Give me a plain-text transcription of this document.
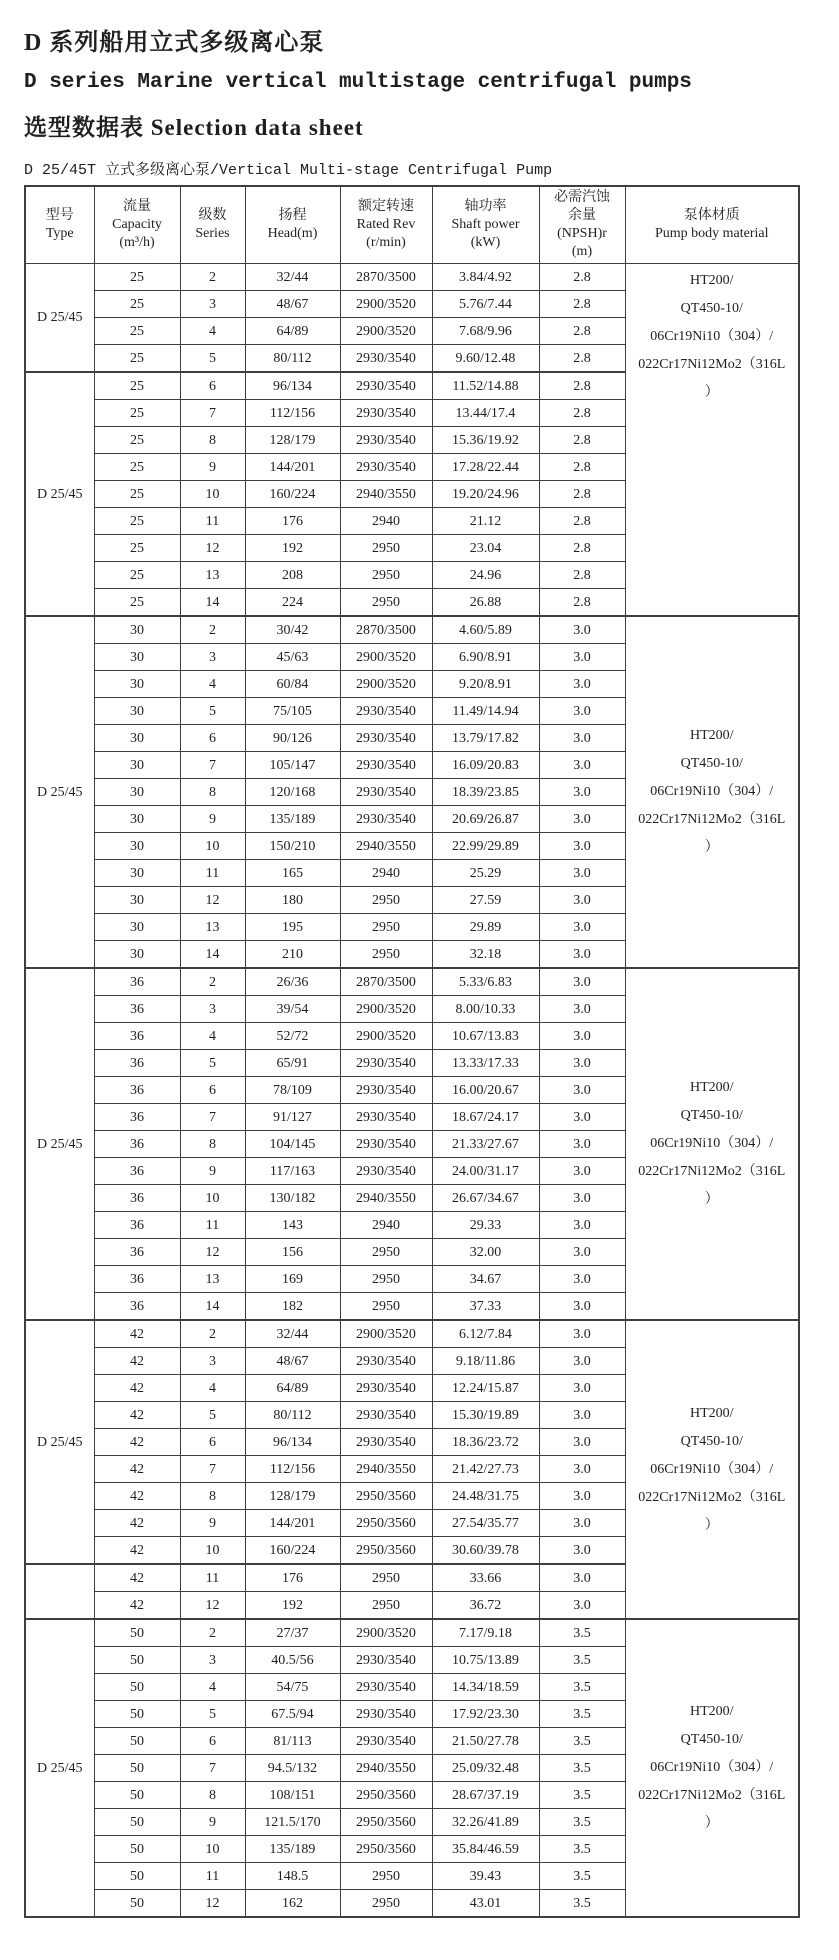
D 系列船用立式多级离心泵
D series Marine vertical multistage centrifugal pumps
选型数据表 Selection data sheet
D 25/45T 立式多级离心泵/Vertical Multi-stage Centrifugal Pump
型号
Type

流量
Capacity
(m³/h)

级数
Series

扬程
Head(m)

额定转速
Rated Rev
(r/min)

轴功率
Shaft power
(kW)

必需汽蚀
余量
(NPSH)r
(m)

泵体材质
Pump body material

D 25/45	25	2	32/44	2870/3500	3.84/4.92	2.8	HT200/
QT450-10/
06Cr19Ni10（304）/
022Cr17Ni12Mo2（316L
）

	25	3	48/67	2900/3520	5.76/7.44	2.8	
	25	4	64/89	2900/3520	7.68/9.96	2.8	
	25	5	80/112	2930/3540	9.60/12.48	2.8	
D 25/45	25	6	96/134	2930/3540	11.52/14.88	2.8	
	25	7	112/156	2930/3540	13.44/17.4	2.8	
	25	8	128/179	2930/3540	15.36/19.92	2.8	
	25	9	144/201	2930/3540	17.28/22.44	2.8	
	25	10	160/224	2940/3550	19.20/24.96	2.8	
	25	11	176	2940	21.12	2.8	
	25	12	192	2950	23.04	2.8	
	25	13	208	2950	24.96	2.8	
	25	14	224	2950	26.88	2.8	
D 25/45	30	2	30/42	2870/3500	4.60/5.89	3.0	HT200/
QT450-10/
06Cr19Ni10（304）/
022Cr17Ni12Mo2（316L
）

	30	3	45/63	2900/3520	6.90/8.91	3.0	
	30	4	60/84	2900/3520	9.20/8.91	3.0	
	30	5	75/105	2930/3540	11.49/14.94	3.0	
	30	6	90/126	2930/3540	13.79/17.82	3.0	
	30	7	105/147	2930/3540	16.09/20.83	3.0	
	30	8	120/168	2930/3540	18.39/23.85	3.0	
	30	9	135/189	2930/3540	20.69/26.87	3.0	
	30	10	150/210	2940/3550	22.99/29.89	3.0	
	30	11	165	2940	25.29	3.0	
	30	12	180	2950	27.59	3.0	
	30	13	195	2950	29.89	3.0	
	30	14	210	2950	32.18	3.0	
D 25/45	36	2	26/36	2870/3500	5.33/6.83	3.0	HT200/
QT450-10/
06Cr19Ni10（304）/
022Cr17Ni12Mo2（316L
）

	36	3	39/54	2900/3520	8.00/10.33	3.0	
	36	4	52/72	2900/3520	10.67/13.83	3.0	
	36	5	65/91	2930/3540	13.33/17.33	3.0	
	36	6	78/109	2930/3540	16.00/20.67	3.0	
	36	7	91/127	2930/3540	18.67/24.17	3.0	
	36	8	104/145	2930/3540	21.33/27.67	3.0	
	36	9	117/163	2930/3540	24.00/31.17	3.0	
	36	10	130/182	2940/3550	26.67/34.67	3.0	
	36	11	143	2940	29.33	3.0	
	36	12	156	2950	32.00	3.0	
	36	13	169	2950	34.67	3.0	
	36	14	182	2950	37.33	3.0	
D 25/45	42	2	32/44	2900/3520	6.12/7.84	3.0	HT200/
QT450-10/
06Cr19Ni10（304）/
022Cr17Ni12Mo2（316L
）

	42	3	48/67	2930/3540	9.18/11.86	3.0	
	42	4	64/89	2930/3540	12.24/15.87	3.0	
	42	5	80/112	2930/3540	15.30/19.89	3.0	
	42	6	96/134	2930/3540	18.36/23.72	3.0	
	42	7	112/156	2940/3550	21.42/27.73	3.0	
	42	8	128/179	2950/3560	24.48/31.75	3.0	
	42	9	144/201	2950/3560	27.54/35.77	3.0	
	42	10	160/224	2950/3560	30.60/39.78	3.0	
	42	11	176	2950	33.66	3.0	
	42	12	192	2950	36.72	3.0	
D 25/45	50	2	27/37	2900/3520	7.17/9.18	3.5	HT200/
QT450-10/
06Cr19Ni10（304）/
022Cr17Ni12Mo2（316L
）

	50	3	40.5/56	2930/3540	10.75/13.89	3.5	
	50	4	54/75	2930/3540	14.34/18.59	3.5	
	50	5	67.5/94	2930/3540	17.92/23.30	3.5	
	50	6	81/113	2930/3540	21.50/27.78	3.5	
	50	7	94.5/132	2940/3550	25.09/32.48	3.5	
	50	8	108/151	2950/3560	28.67/37.19	3.5	
	50	9	121.5/170	2950/3560	32.26/41.89	3.5	
	50	10	135/189	2950/3560	35.84/46.59	3.5	
	50	11	148.5	2950	39.43	3.5	
	50	12	162	2950	43.01	3.5	
